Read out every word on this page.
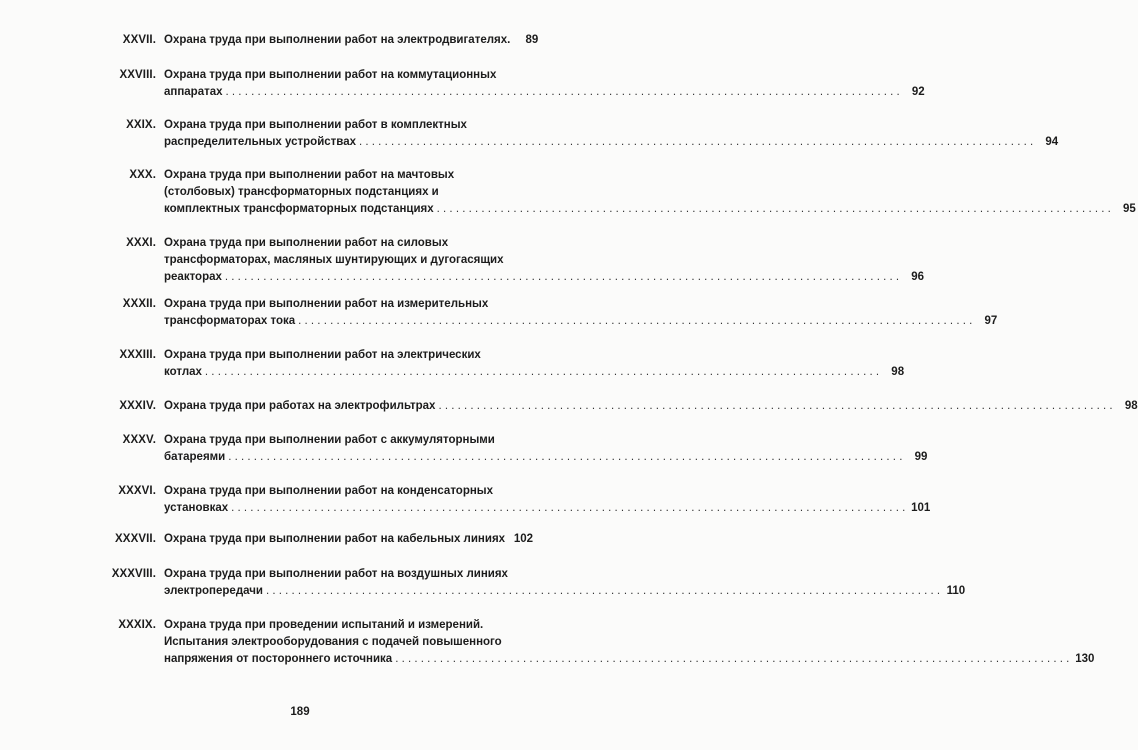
XXVII. Охрана труда при выполнении работ на электродвигателях.	89
XXVIII. Охрана труда при выполнении работ на коммутационных
аппаратах . . .	92
XXIX. Охрана труда при выполнении работ в комплектных
распределительных устройствах . . .	94
XXX. Охрана труда при выполнении работ на мачтовых
(столбовых) трансформаторных подстанциях и
комплектных трансформаторных подстанциях . . .	95
XXXI. Охрана труда при выполнении работ на силовых
трансформаторах, масляных шунтирующих и дугогасящих
реакторах . . .	96
XXXII. Охрана труда при выполнении работ на измерительных
трансформаторах тока . . .	97
XXXIII. Охрана труда при выполнении работ на электрических
котлах . . .	98
XXXIV. Охрана труда при работах на электрофильтрах . . .	98
XXXV. Охрана труда при выполнении работ с аккумуляторными
батареями . . .	99
XXXVI. Охрана труда при выполнении работ на конденсаторных
установках . . .	101
XXXVII. Охрана труда при выполнении работ на кабельных линиях 102
XXXVIII. Охрана труда при выполнении работ на воздушных линиях
электропередачи . . .	110
XXXIX. Охрана труда при проведении испытаний и измерений.
Испытания электрооборудования с подачей повышенного
напряжения от постороннего источника . . .	130
189
